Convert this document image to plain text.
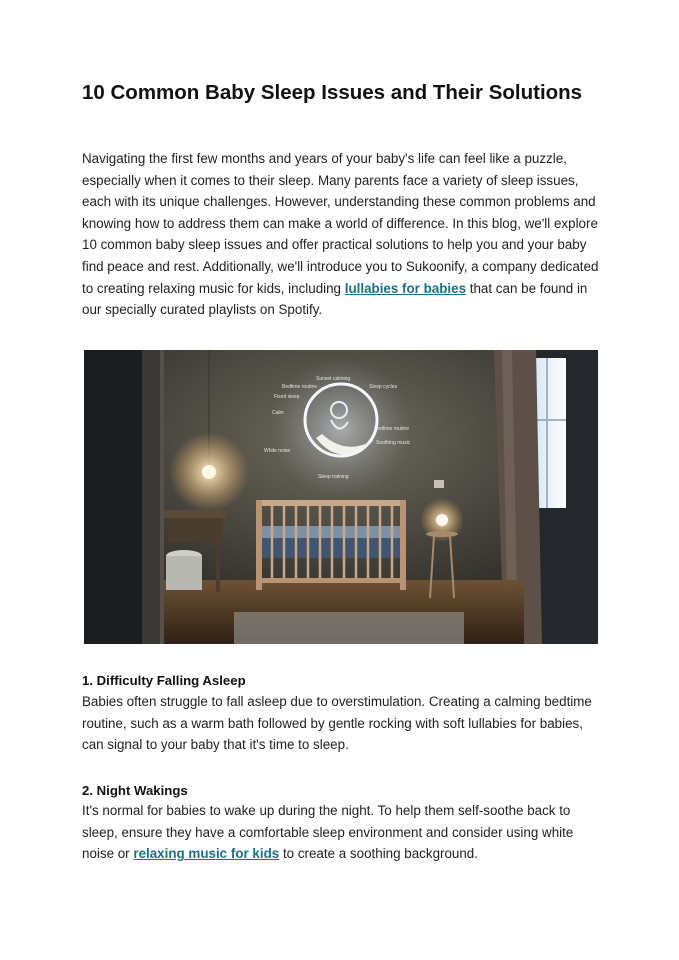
10 Common Baby Sleep Issues and Their Solutions

Navigating the first few months and years of your baby's life can feel like a puzzle, especially when it comes to their sleep. Many parents face a variety of sleep issues, each with its unique challenges. However, understanding these common problems and knowing how to address them can make a world of difference. In this blog, we'll explore 10 common baby sleep issues and offer practical solutions to help you and your baby find peace and rest. Additionally, we'll introduce you to Sukoonify, a company dedicated to creating relaxing music for kids, including lullabies for babies that can be found in our specially curated playlists on Spotify.

Sunset calming
Bedtime routine
Fixed sleep
Sleep cycles
Bedtime routine
Soothing music
Calm
White noise
Sleep training
1. Difficulty Falling Asleep

Babies often struggle to fall asleep due to overstimulation. Creating a calming bedtime routine, such as a warm bath followed by gentle rocking with soft lullabies for babies, can signal to your baby that it's time to sleep.

2. Night Wakings

It's normal for babies to wake up during the night. To help them self-soothe back to sleep, ensure they have a comfortable sleep environment and consider using white noise or relaxing music for kids to create a soothing background.
